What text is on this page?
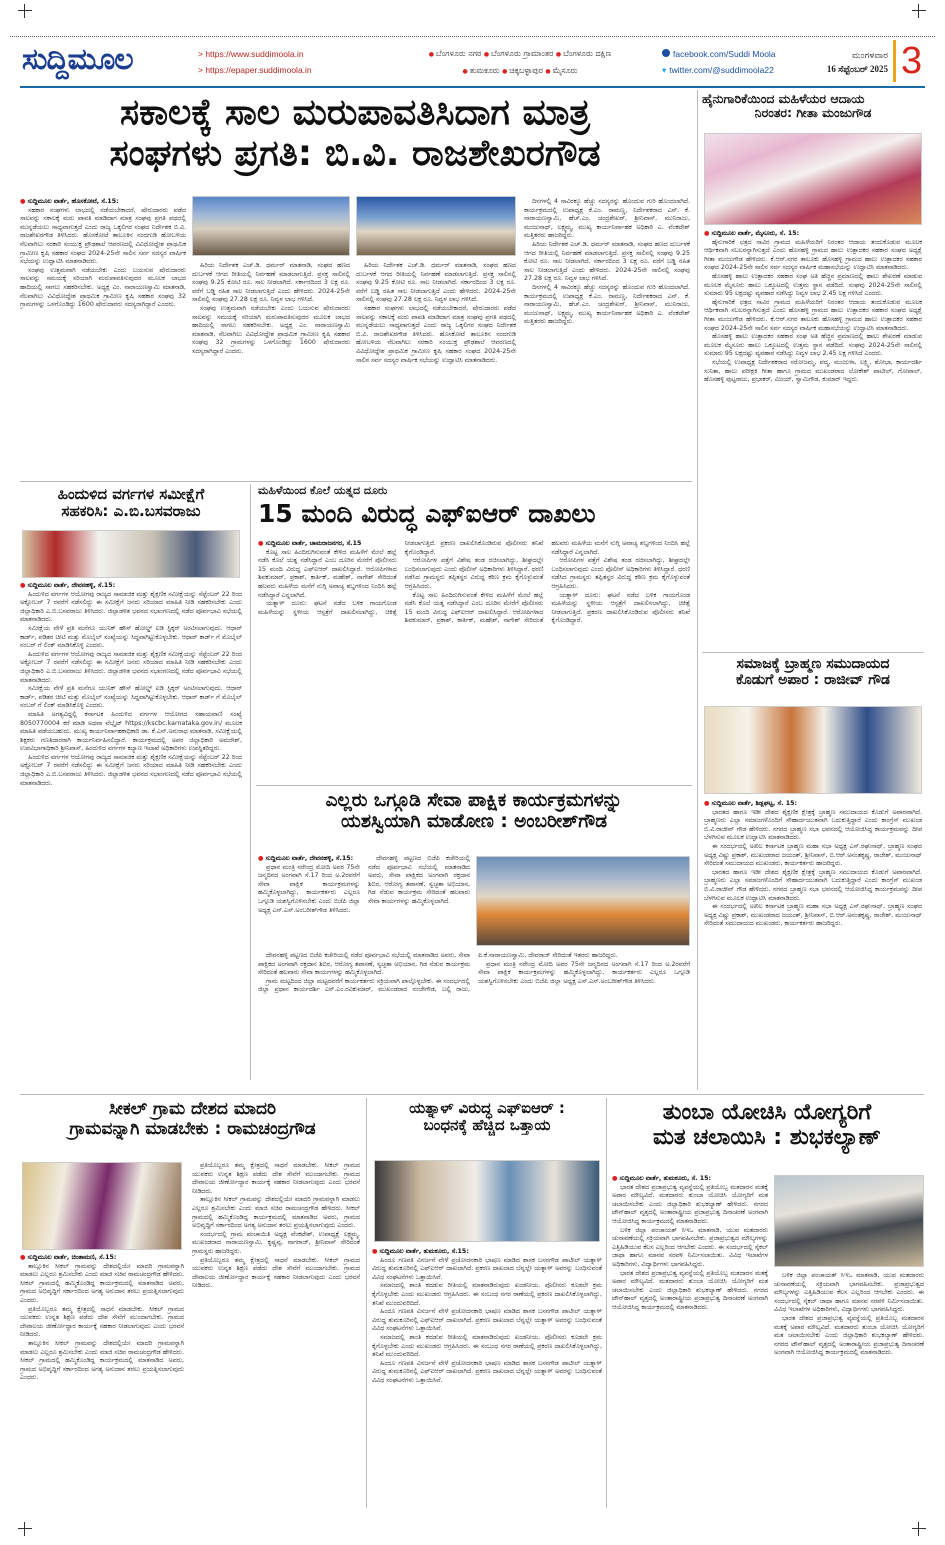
ಸುದ್ದಿಮೂಲ	> https://www.suddimoola.in
> https://epaper.suddimoola.in
● ಬೆಂಗಳೂರು ನಗರ ● ಬೆಂಗಳೂರು ಗ್ರಾಮಾಂತರ ● ಬೆಂಗಳೂರು ದಕ್ಷಿಣ
● ತುಮಕೂರು ● ಚಿಕ್ಕಬಳ್ಳಾಪುರ ● ಮೈಸೂರು
facebook.com/Suddi Moola
▾ twitter.com/@suddimoola22
ಮಂಗಳವಾರ
16 ಸೆಪ್ಟೆಂಬರ್ 2025 3
ಸಕಾಲಕ್ಕೆ ಸಾಲ ಮರುಪಾವತಿಸಿದಾಗ ಮಾತ್ರ
ಸಂಘಗಳು ಪ್ರಗತಿ: ಬಿ.ವಿ. ರಾಜಶೇಖರಗೌಡ
● ಸುದ್ದಿಮೂಲ ವಾರ್ತೆ, ಹೊಸಕೋಟೆ, ಸೆ.15:

ಸಹಕಾರ ಸಂಘಗಳು ಲಾಭದಲ್ಲಿ ನಡೆಯಬೇಕಾದರೆ, ಷೇರುದಾರರು ಪಡೆದ ಸಾಲವನ್ನು ಸಕಾಲಕ್ಕೆ ಮರು ಪಾವತಿ ಮಾಡಿದಾಗ ಮಾತ್ರ ಸಂಘವು ಪ್ರಗತಿ ಪಥದಲ್ಲಿ ಮುನ್ನಡೆಯಲು ಸಾಧ್ಯವಾಗುತ್ತದೆ ಎಂದು ರಾಜ್ಯ ಒಕ್ಕಲಿಗರ ಸಂಘದ ನಿರ್ದೇಶಕ ಬಿ.ವಿ. ರಾಜಶೇಖರಗೌಡ ತಿಳಿಸಿದರು. ಹೊಸಕೋಟೆ ತಾಲೂಕಿನ ನಂದಗುಡಿ ಹೋಬಳಿಯ ನೆಲವಾಗಿಲು ಸರಕಾರಿ ಸಂಯುಕ್ತ ಪ್ರೌಢಶಾಲೆ ಆವರಣದಲ್ಲಿ ವಿವಿಧೋದ್ದೇಶ ಪ್ರಾಥಮಿಕ ಗ್ರಾಮೀಣ ಕೃಷಿ ಸಹಕಾರ ಸಂಘದ 2024-25ನೇ ಸಾಲಿನ ಸರ್ವ ಸದಸ್ಯರ ವಾರ್ಷಿಕ ಸಭೆಯನ್ನು ಉದ್ಘಾಟಿಸಿ ಮಾತನಾಡಿದರು.

ಸಂಘವು ಉತ್ತಮವಾಗಿ ನಡೆಯಬೇಕು ಎಂದು ಬಯಸುವ ಷೇರುದಾರರು ಸಾಲವನ್ನು ಸಮಯಕ್ಕೆ ಸರಿಯಾಗಿ ಮರುಪಾವತಿಸುವುದರ ಮೂಲಕ ಲಾಭದ ಹಾದಿಯಲ್ಲಿ ಸಾಗಲು ಸಹಕರಿಸಬೇಕು. ಅಧ್ಯಕ್ಷ ಎಂ. ನಾರಾಯಣಸ್ವಾಮಿ ಮಾತನಾಡಿ, ನೆಲವಾಗಿಲು ವಿವಿಧೋದ್ದೇಶ ಪ್ರಾಥಮಿಕ ಗ್ರಾಮೀಣ ಕೃಷಿ ಸಹಕಾರ ಸಂಘವು 32 ಗ್ರಾಮಗಳನ್ನು ಒಳಗೊಂಡಿದ್ದು 1600 ಷೇರುದಾರರು ಸದಸ್ಯರಾಗಿದ್ದಾರೆ ಎಂದರು.

ಹಿರಿಯ ನಿರ್ದೇಶಕ ಎಚ್.ಡಿ. ಧರ್ಮರ್ ಮಾತನಾಡಿ, ಸಂಘದ ಹಣದ ದುರ್ಬಳಕೆ ಆಗದ ರೀತಿಯಲ್ಲಿ ನಿರ್ವಹಣೆ ಮಾಡಲಾಗುತ್ತಿದೆ. ಪ್ರಸಕ್ತ ಸಾಲಿನಲ್ಲಿ ಸಂಘವು 9.25 ಕೋಟಿ ರೂ. ಸಾಲ ನೀಡಲಾಗಿದೆ. ಸರ್ಕಾರದಿಂದ 3 ಲಕ್ಷ ರೂ. ವರೆಗೆ ಬಡ್ಡಿ ರಹಿತ ಸಾಲ ನೀಡಲಾಗುತ್ತಿದೆ ಎಂದು ಹೇಳಿದರು. 2024-25ನೇ ಸಾಲಿನಲ್ಲಿ ಸಂಘವು 27.28 ಲಕ್ಷ ರೂ. ನಿವ್ವಳ ಲಾಭ ಗಳಿಸಿದೆ.

ಸಂಘವು ಉತ್ತಮವಾಗಿ ನಡೆಯಬೇಕು ಎಂದು ಬಯಸುವ ಷೇರುದಾರರು ಸಾಲವನ್ನು ಸಮಯಕ್ಕೆ ಸರಿಯಾಗಿ ಮರುಪಾವತಿಸುವುದರ ಮೂಲಕ ಲಾಭದ ಹಾದಿಯಲ್ಲಿ ಸಾಗಲು ಸಹಕರಿಸಬೇಕು. ಅಧ್ಯಕ್ಷ ಎಂ. ನಾರಾಯಣಸ್ವಾಮಿ ಮಾತನಾಡಿ, ನೆಲವಾಗಿಲು ವಿವಿಧೋದ್ದೇಶ ಪ್ರಾಥಮಿಕ ಗ್ರಾಮೀಣ ಕೃಷಿ ಸಹಕಾರ ಸಂಘವು 32 ಗ್ರಾಮಗಳನ್ನು ಒಳಗೊಂಡಿದ್ದು 1600 ಷೇರುದಾರರು ಸದಸ್ಯರಾಗಿದ್ದಾರೆ ಎಂದರು.

ಹಿರಿಯ ನಿರ್ದೇಶಕ ಎಚ್.ಡಿ. ಧರ್ಮರ್ ಮಾತನಾಡಿ, ಸಂಘದ ಹಣದ ದುರ್ಬಳಕೆ ಆಗದ ರೀತಿಯಲ್ಲಿ ನಿರ್ವಹಣೆ ಮಾಡಲಾಗುತ್ತಿದೆ. ಪ್ರಸಕ್ತ ಸಾಲಿನಲ್ಲಿ ಸಂಘವು 9.25 ಕೋಟಿ ರೂ. ಸಾಲ ನೀಡಲಾಗಿದೆ. ಸರ್ಕಾರದಿಂದ 3 ಲಕ್ಷ ರೂ. ವರೆಗೆ ಬಡ್ಡಿ ರಹಿತ ಸಾಲ ನೀಡಲಾಗುತ್ತಿದೆ ಎಂದು ಹೇಳಿದರು. 2024-25ನೇ ಸಾಲಿನಲ್ಲಿ ಸಂಘವು 27.28 ಲಕ್ಷ ರೂ. ನಿವ್ವಳ ಲಾಭ ಗಳಿಸಿದೆ.

ಸಹಕಾರ ಸಂಘಗಳು ಲಾಭದಲ್ಲಿ ನಡೆಯಬೇಕಾದರೆ, ಷೇರುದಾರರು ಪಡೆದ ಸಾಲವನ್ನು ಸಕಾಲಕ್ಕೆ ಮರು ಪಾವತಿ ಮಾಡಿದಾಗ ಮಾತ್ರ ಸಂಘವು ಪ್ರಗತಿ ಪಥದಲ್ಲಿ ಮುನ್ನಡೆಯಲು ಸಾಧ್ಯವಾಗುತ್ತದೆ ಎಂದು ರಾಜ್ಯ ಒಕ್ಕಲಿಗರ ಸಂಘದ ನಿರ್ದೇಶಕ ಬಿ.ವಿ. ರಾಜಶೇಖರಗೌಡ ತಿಳಿಸಿದರು. ಹೊಸಕೋಟೆ ತಾಲೂಕಿನ ನಂದಗುಡಿ ಹೋಬಳಿಯ ನೆಲವಾಗಿಲು ಸರಕಾರಿ ಸಂಯುಕ್ತ ಪ್ರೌಢಶಾಲೆ ಆವರಣದಲ್ಲಿ ವಿವಿಧೋದ್ದೇಶ ಪ್ರಾಥಮಿಕ ಗ್ರಾಮೀಣ ಕೃಷಿ ಸಹಕಾರ ಸಂಘದ 2024-25ನೇ ಸಾಲಿನ ಸರ್ವ ಸದಸ್ಯರ ವಾರ್ಷಿಕ ಸಭೆಯನ್ನು ಉದ್ಘಾಟಿಸಿ ಮಾತನಾಡಿದರು.

ದಿನಗಳಲ್ಲಿ 4 ಸಾವಿರಕ್ಕೂ ಹೆಚ್ಚು ಸದಸ್ಯರನ್ನು ಹೊಂದುವ ಗುರಿ ಹೊಂದಲಾಗಿದೆ. ಕಾರ್ಯಕ್ರಮದಲ್ಲಿ ಉಪಾಧ್ಯಕ್ಷ ಕೆ.ಎಂ. ರಾಮಣ್ಣ, ನಿರ್ದೇಶಕರಾದ ಎನ್. ಕೆ. ನಾರಾಯಣಸ್ವಾಮಿ, ಹೆಚ್.ಎಂ. ಚಂದ್ರಶೇಖರ್, ಶ್ರೀನಿವಾಸ್, ಮುನಿರಾಜು, ಮಂಜುನಾಥ್, ಲಕ್ಷ್ಮಮ್ಮ, ಮುಖ್ಯ ಕಾರ್ಯನಿರ್ವಾಹಕ ಅಧಿಕಾರಿ ಎ. ವೆಂಕಟೇಶ್ ಮತ್ತಿತರರು ಹಾಜರಿದ್ದರು.

ಹಿರಿಯ ನಿರ್ದೇಶಕ ಎಚ್.ಡಿ. ಧರ್ಮರ್ ಮಾತನಾಡಿ, ಸಂಘದ ಹಣದ ದುರ್ಬಳಕೆ ಆಗದ ರೀತಿಯಲ್ಲಿ ನಿರ್ವಹಣೆ ಮಾಡಲಾಗುತ್ತಿದೆ. ಪ್ರಸಕ್ತ ಸಾಲಿನಲ್ಲಿ ಸಂಘವು 9.25 ಕೋಟಿ ರೂ. ಸಾಲ ನೀಡಲಾಗಿದೆ. ಸರ್ಕಾರದಿಂದ 3 ಲಕ್ಷ ರೂ. ವರೆಗೆ ಬಡ್ಡಿ ರಹಿತ ಸಾಲ ನೀಡಲಾಗುತ್ತಿದೆ ಎಂದು ಹೇಳಿದರು. 2024-25ನೇ ಸಾಲಿನಲ್ಲಿ ಸಂಘವು 27.28 ಲಕ್ಷ ರೂ. ನಿವ್ವಳ ಲಾಭ ಗಳಿಸಿದೆ.

ದಿನಗಳಲ್ಲಿ 4 ಸಾವಿರಕ್ಕೂ ಹೆಚ್ಚು ಸದಸ್ಯರನ್ನು ಹೊಂದುವ ಗುರಿ ಹೊಂದಲಾಗಿದೆ. ಕಾರ್ಯಕ್ರಮದಲ್ಲಿ ಉಪಾಧ್ಯಕ್ಷ ಕೆ.ಎಂ. ರಾಮಣ್ಣ, ನಿರ್ದೇಶಕರಾದ ಎನ್. ಕೆ. ನಾರಾಯಣಸ್ವಾಮಿ, ಹೆಚ್.ಎಂ. ಚಂದ್ರಶೇಖರ್, ಶ್ರೀನಿವಾಸ್, ಮುನಿರಾಜು, ಮಂಜುನಾಥ್, ಲಕ್ಷ್ಮಮ್ಮ, ಮುಖ್ಯ ಕಾರ್ಯನಿರ್ವಾಹಕ ಅಧಿಕಾರಿ ಎ. ವೆಂಕಟೇಶ್ ಮತ್ತಿತರರು ಹಾಜರಿದ್ದರು.

ಹೈನುಗಾರಿಕೆಯಿಂದ ಮಹಿಳೆಯರ ಆದಾಯ
ನಿರಂತರ: ಗೀತಾ ಮಂಜುಗೌಡ
● ಸುದ್ದಿಮೂಲ ವಾರ್ತೆ, ಮೈಸೂರು, ಸೆ. 15:

ಹೈನುಗಾರಿಕೆ ಛತ್ರದ ಸಾವಿರ ಗ್ರಾಮದ ಮಹಿಳೆಯರಿಗೆ ನಿರಂತರ ಆದಾಯ ತಂದುಕೊಡುವ ಮೂಲಕ ಆರ್ಥಿಕವಾಗಿ ಸಬಲರನ್ನಾಗಿಸುತ್ತದೆ ಎಂದು ಹೊಸಹಳ್ಳಿ ಗ್ರಾಮದ ಹಾಲು ಉತ್ಪಾದಕರ ಸಹಕಾರ ಸಂಘದ ಅಧ್ಯಕ್ಷೆ ಗೀತಾ ಮಂಜುಗೌಡ ಹೇಳಿದರು. ಕೆ.ಆರ್.ನಗರ ತಾಲೂಕು ಹೊಸಹಳ್ಳಿ ಗ್ರಾಮದ ಹಾಲು ಉತ್ಪಾದಕರ ಸಹಕಾರ ಸಂಘದ 2024-25ನೇ ಸಾಲಿನ ಸರ್ವ ಸದಸ್ಯರ ವಾರ್ಷಿಕ ಮಹಾಸಭೆಯನ್ನು ಉದ್ಘಾಟಿಸಿ ಮಾತನಾಡಿದರು.

ಹೊಸಹಳ್ಳಿ ಹಾಲು ಉತ್ಪಾದಕರ ಸಹಕಾರ ಸಂಘ ಅತಿ ಹೆಚ್ಚಿನ ಪ್ರಮಾಣದಲ್ಲಿ ಹಾಲು ಶೇಖರಣೆ ಮಾಡುವ ಮೂಲಕ ಮೈಸೂರು ಹಾಲು ಒಕ್ಕೂಟದಲ್ಲಿ ಉತ್ತಮ ಸ್ಥಾನ ಪಡೆದಿದೆ. ಸಂಘವು 2024-25ನೇ ಸಾಲಿನಲ್ಲಿ ಸುಮಾರು 95 ಲಕ್ಷದಷ್ಟು ವ್ಯವಹಾರ ನಡೆಸಿದ್ದು ನಿವ್ವಳ ಲಾಭ 2.45 ಲಕ್ಷ ಗಳಿಸಿದೆ ಎಂದರು.

ಹೈನುಗಾರಿಕೆ ಛತ್ರದ ಸಾವಿರ ಗ್ರಾಮದ ಮಹಿಳೆಯರಿಗೆ ನಿರಂತರ ಆದಾಯ ತಂದುಕೊಡುವ ಮೂಲಕ ಆರ್ಥಿಕವಾಗಿ ಸಬಲರನ್ನಾಗಿಸುತ್ತದೆ ಎಂದು ಹೊಸಹಳ್ಳಿ ಗ್ರಾಮದ ಹಾಲು ಉತ್ಪಾದಕರ ಸಹಕಾರ ಸಂಘದ ಅಧ್ಯಕ್ಷೆ ಗೀತಾ ಮಂಜುಗೌಡ ಹೇಳಿದರು. ಕೆ.ಆರ್.ನಗರ ತಾಲೂಕು ಹೊಸಹಳ್ಳಿ ಗ್ರಾಮದ ಹಾಲು ಉತ್ಪಾದಕರ ಸಹಕಾರ ಸಂಘದ 2024-25ನೇ ಸಾಲಿನ ಸರ್ವ ಸದಸ್ಯರ ವಾರ್ಷಿಕ ಮಹಾಸಭೆಯನ್ನು ಉದ್ಘಾಟಿಸಿ ಮಾತನಾಡಿದರು.

ಹೊಸಹಳ್ಳಿ ಹಾಲು ಉತ್ಪಾದಕರ ಸಹಕಾರ ಸಂಘ ಅತಿ ಹೆಚ್ಚಿನ ಪ್ರಮಾಣದಲ್ಲಿ ಹಾಲು ಶೇಖರಣೆ ಮಾಡುವ ಮೂಲಕ ಮೈಸೂರು ಹಾಲು ಒಕ್ಕೂಟದಲ್ಲಿ ಉತ್ತಮ ಸ್ಥಾನ ಪಡೆದಿದೆ. ಸಂಘವು 2024-25ನೇ ಸಾಲಿನಲ್ಲಿ ಸುಮಾರು 95 ಲಕ್ಷದಷ್ಟು ವ್ಯವಹಾರ ನಡೆಸಿದ್ದು ನಿವ್ವಳ ಲಾಭ 2.45 ಲಕ್ಷ ಗಳಿಸಿದೆ ಎಂದರು.

ಸಭೆಯಲ್ಲಿ ಉಪಾಧ್ಯಕ್ಷ ನಿರ್ದೇಶಕರಾದ ಸರೋಜಮ್ಮ, ಪದ್ಮ, ಮಂಜುಳಾ, ಲಕ್ಷ್ಮಿ, ಶೋಭಾ, ಕಾರ್ಯದರ್ಶಿ ಸುನಿತಾ, ಹಾಲು ಪರೀಕ್ಷಕಿ ಗೀತಾ ಹಾಗೂ ಗ್ರಾಮದ ಮುಖಂಡರಾದ ಲೋಕೇಶ್ ಪಾಟೀಲ್, ಗೋಪಾಲ್, ಹೊಸಹಳ್ಳಿ ಪುಟ್ಟರಾಜು, ಪ್ರಭಾಕರ್, ವಿಜಯ್, ಸ್ವಾಮಿಗೌಡ, ಕುಮಾರ್ ಇದ್ದರು.

ಸಮಾಜಕ್ಕೆ ಬ್ರಾಹ್ಮಣ ಸಮುದಾಯದ
ಕೊಡುಗೆ ಅಪಾರ : ರಾಜೀವ್ ಗೌಡ
● ಸುದ್ದಿಮೂಲ ವಾರ್ತೆ, ಶಿಡ್ಲಘಟ್ಟ, ಸೆ. 15:

ಭಾರತದ ಹಾಗೂ ಇಡೀ ದೇಶದ ಶೈಕ್ಷಣಿಕ ಕ್ಷೇತ್ರಕ್ಕೆ ಬ್ರಾಹ್ಮಣ ಸಮುದಾಯದ ಕೊಡುಗೆ ಅಪಾರವಾಗಿದೆ. ಬ್ರಾಹ್ಮಣರು ಎಲ್ಲಾ ಸಮಾಜಗಳೊಂದಿಗೆ ಸೌಹಾರ್ದಯುತವಾಗಿ ಬದುಕುತ್ತಿದ್ದಾರೆ ಎಂದು ಕಾಂಗ್ರೆಸ್ ಮುಖಂಡ ಬಿ.ವಿ.ರಾಜೀವ್ ಗೌಡ ಹೇಳಿದರು. ನಗರದ ಬ್ರಾಹ್ಮಣ ಸಭಾ ಭವನದಲ್ಲಿ ಆಯೋಜಿಸಿದ್ದ ಕಾರ್ಯಕ್ರಮವನ್ನು ದೀಪ ಬೆಳಗಿಸುವ ಮೂಲಕ ಉದ್ಘಾಟಿಸಿ ಮಾತನಾಡಿದರು.

ಈ ಸಂದರ್ಭದಲ್ಲಿ ಅಖಿಲ ಕರ್ನಾಟಕ ಬ್ರಾಹ್ಮಣ ಮಹಾ ಸಭಾ ಅಧ್ಯಕ್ಷ ಎಸ್.ರಘುನಾಥ್, ಬ್ರಾಹ್ಮಣ ಸಂಘದ ಅಧ್ಯಕ್ಷ ವಿಷ್ಣು ಪ್ರಕಾಶ್, ಮುಖಂಡರಾದ ಜಯಂತ್, ಶ್ರೀನಿವಾಸ್, ಬಿ.ಆರ್.ಅನಂತಕೃಷ್ಣ, ರಾಜೇಶ್, ಮಂಜುನಾಥ್ ಸೇರಿದಂತೆ ಸಮುದಾಯದ ಮುಖಂಡರು, ಕಾರ್ಯಕರ್ತರು ಹಾಜರಿದ್ದರು.

ಭಾರತದ ಹಾಗೂ ಇಡೀ ದೇಶದ ಶೈಕ್ಷಣಿಕ ಕ್ಷೇತ್ರಕ್ಕೆ ಬ್ರಾಹ್ಮಣ ಸಮುದಾಯದ ಕೊಡುಗೆ ಅಪಾರವಾಗಿದೆ. ಬ್ರಾಹ್ಮಣರು ಎಲ್ಲಾ ಸಮಾಜಗಳೊಂದಿಗೆ ಸೌಹಾರ್ದಯುತವಾಗಿ ಬದುಕುತ್ತಿದ್ದಾರೆ ಎಂದು ಕಾಂಗ್ರೆಸ್ ಮುಖಂಡ ಬಿ.ವಿ.ರಾಜೀವ್ ಗೌಡ ಹೇಳಿದರು. ನಗರದ ಬ್ರಾಹ್ಮಣ ಸಭಾ ಭವನದಲ್ಲಿ ಆಯೋಜಿಸಿದ್ದ ಕಾರ್ಯಕ್ರಮವನ್ನು ದೀಪ ಬೆಳಗಿಸುವ ಮೂಲಕ ಉದ್ಘಾಟಿಸಿ ಮಾತನಾಡಿದರು.

ಈ ಸಂದರ್ಭದಲ್ಲಿ ಅಖಿಲ ಕರ್ನಾಟಕ ಬ್ರಾಹ್ಮಣ ಮಹಾ ಸಭಾ ಅಧ್ಯಕ್ಷ ಎಸ್.ರಘುನಾಥ್, ಬ್ರಾಹ್ಮಣ ಸಂಘದ ಅಧ್ಯಕ್ಷ ವಿಷ್ಣು ಪ್ರಕಾಶ್, ಮುಖಂಡರಾದ ಜಯಂತ್, ಶ್ರೀನಿವಾಸ್, ಬಿ.ಆರ್.ಅನಂತಕೃಷ್ಣ, ರಾಜೇಶ್, ಮಂಜುನಾಥ್ ಸೇರಿದಂತೆ ಸಮುದಾಯದ ಮುಖಂಡರು, ಕಾರ್ಯಕರ್ತರು ಹಾಜರಿದ್ದರು.

ಹಿಂದುಳಿದ ವರ್ಗಗಳ ಸಮೀಕ್ಷೆಗೆ
ಸಹಕರಿಸಿ: ಎ.ಬಿ.ಬಸವರಾಜು
● ಸುದ್ದಿಮೂಲ ವಾರ್ತೆ, ದೇವನಹಳ್ಳಿ, ಸೆ.15:

ಹಿಂದುಳಿದ ವರ್ಗಗಳ ಆಯೋಗವು ರಾಜ್ಯದ ಸಾಮಾಜಿಕ ಮತ್ತು ಶೈಕ್ಷಣಿಕ ಸಮೀಕ್ಷೆಯನ್ನು ಸೆಪ್ಟೆಂಬರ್ 22 ರಿಂದ ಅಕ್ಟೋಬರ್ 7 ರವರೆಗೆ ನಡೆಸಲಿದ್ದು ಈ ಸಮೀಕ್ಷೆಗೆ ಜನರು ಸರಿಯಾದ ಮಾಹಿತಿ ನೀಡಿ ಸಹಕರಿಸಬೇಕು ಎಂದು ಜಿಲ್ಲಾಧಿಕಾರಿ ಎ.ಬಿ.ಬಸವರಾಜು ತಿಳಿಸಿದರು. ಜಿಲ್ಲಾಡಳಿತ ಭವನದ ಸಭಾಂಗಣದಲ್ಲಿ ನಡೆದ ಪೂರ್ವಭಾವಿ ಸಭೆಯಲ್ಲಿ ಮಾತನಾಡಿದರು.

ಸಮೀಕ್ಷೆಯ ವೇಳೆ ಪ್ರತಿ ಮನೆಗೂ ಯುನಿಕ್ ಹೌಸ್ ಹೋಲ್ಡ್ ಐಡಿ ಸ್ಟಿಕ್ಕರ್ ಅಂಟಿಸಲಾಗುವುದು. ಆಧಾರ್ ಕಾರ್ಡ್, ಪಡಿತರ ಚೀಟಿ ಮತ್ತು ಮೊಬೈಲ್ ಸಂಖ್ಯೆಯನ್ನು ಸಿದ್ಧವಾಗಿಟ್ಟುಕೊಳ್ಳಬೇಕು. ಆಧಾರ್ ಕಾರ್ಡ್ ಗೆ ಮೊಬೈಲ್ ನಂಬರ್ ಗೆ ಲಿಂಕ್ ಮಾಡಿಸಿಕೊಳ್ಳಿ ಎಂದರು.

ಹಿಂದುಳಿದ ವರ್ಗಗಳ ಆಯೋಗವು ರಾಜ್ಯದ ಸಾಮಾಜಿಕ ಮತ್ತು ಶೈಕ್ಷಣಿಕ ಸಮೀಕ್ಷೆಯನ್ನು ಸೆಪ್ಟೆಂಬರ್ 22 ರಿಂದ ಅಕ್ಟೋಬರ್ 7 ರವರೆಗೆ ನಡೆಸಲಿದ್ದು ಈ ಸಮೀಕ್ಷೆಗೆ ಜನರು ಸರಿಯಾದ ಮಾಹಿತಿ ನೀಡಿ ಸಹಕರಿಸಬೇಕು ಎಂದು ಜಿಲ್ಲಾಧಿಕಾರಿ ಎ.ಬಿ.ಬಸವರಾಜು ತಿಳಿಸಿದರು. ಜಿಲ್ಲಾಡಳಿತ ಭವನದ ಸಭಾಂಗಣದಲ್ಲಿ ನಡೆದ ಪೂರ್ವಭಾವಿ ಸಭೆಯಲ್ಲಿ ಮಾತನಾಡಿದರು.

ಸಮೀಕ್ಷೆಯ ವೇಳೆ ಪ್ರತಿ ಮನೆಗೂ ಯುನಿಕ್ ಹೌಸ್ ಹೋಲ್ಡ್ ಐಡಿ ಸ್ಟಿಕ್ಕರ್ ಅಂಟಿಸಲಾಗುವುದು. ಆಧಾರ್ ಕಾರ್ಡ್, ಪಡಿತರ ಚೀಟಿ ಮತ್ತು ಮೊಬೈಲ್ ಸಂಖ್ಯೆಯನ್ನು ಸಿದ್ಧವಾಗಿಟ್ಟುಕೊಳ್ಳಬೇಕು. ಆಧಾರ್ ಕಾರ್ಡ್ ಗೆ ಮೊಬೈಲ್ ನಂಬರ್ ಗೆ ಲಿಂಕ್ ಮಾಡಿಸಿಕೊಳ್ಳಿ ಎಂದರು.

ಮಾಹಿತಿ ಅಗತ್ಯವಿದ್ದಲ್ಲಿ ಕರ್ನಾಟಕ ಹಿಂದುಳಿದ ವರ್ಗಗಳ ಆಯೋಗದ ಸಹಾಯವಾಣಿ ಸಂಖ್ಯೆ 8050770004 ಕರೆ ಮಾಡಿ ಅಥವಾ ವೆಬ್ಸೈಟ್ https://kscbc.karnataka.gov.in/ ಮೂಲಕ ಮಾಹಿತಿ ಪಡೆಯಬಹುದು. ಮುಖ್ಯ ಕಾರ್ಯನಿರ್ವಾಹಕಾಧಿಕಾರಿ ಡಾ. ಕೆ.ಎನ್.ಅನುರಾಧ ಮಾತನಾಡಿ, ಸಮೀಕ್ಷೆಯಲ್ಲಿ ಶಿಕ್ಷಕರು ಗಣತಿದಾರರಾಗಿ ಕಾರ್ಯನಿರ್ವಹಿಸಲಿದ್ದಾರೆ. ಕಾರ್ಯಕ್ರಮದಲ್ಲಿ ಅಪರ ಜಿಲ್ಲಾಧಿಕಾರಿ ಅಮರೇಶ್, ಉಪವಿಭಾಗಾಧಿಕಾರಿ ಶ್ರೀನಿವಾಸ್, ಹಿಂದುಳಿದ ವರ್ಗಗಳ ಕಲ್ಯಾಣ ಇಲಾಖೆ ಅಧಿಕಾರಿಗಳು ಉಪಸ್ಥಿತರಿದ್ದರು.

ಹಿಂದುಳಿದ ವರ್ಗಗಳ ಆಯೋಗವು ರಾಜ್ಯದ ಸಾಮಾಜಿಕ ಮತ್ತು ಶೈಕ್ಷಣಿಕ ಸಮೀಕ್ಷೆಯನ್ನು ಸೆಪ್ಟೆಂಬರ್ 22 ರಿಂದ ಅಕ್ಟೋಬರ್ 7 ರವರೆಗೆ ನಡೆಸಲಿದ್ದು ಈ ಸಮೀಕ್ಷೆಗೆ ಜನರು ಸರಿಯಾದ ಮಾಹಿತಿ ನೀಡಿ ಸಹಕರಿಸಬೇಕು ಎಂದು ಜಿಲ್ಲಾಧಿಕಾರಿ ಎ.ಬಿ.ಬಸವರಾಜು ತಿಳಿಸಿದರು. ಜಿಲ್ಲಾಡಳಿತ ಭವನದ ಸಭಾಂಗಣದಲ್ಲಿ ನಡೆದ ಪೂರ್ವಭಾವಿ ಸಭೆಯಲ್ಲಿ ಮಾತನಾಡಿದರು.

ಮಹಿಳೆಯಿಂದ ಕೊಲೆ ಯತ್ನದ ದೂರು
15 ಮಂದಿ ವಿರುದ್ಧ ಎಫ್‌ಐಆರ್ ದಾಖಲು
● ಸುದ್ದಿಮೂಲ ವಾರ್ತೆ, ಚಾಮರಾಜನಗರ, ಸೆ.15

ಕೊಟ್ಟ ಸಾಲ ಹಿಂದಿರುಗಿಸುವಂತೆ ಕೇಳಿದ ಮಹಿಳೆಗೆ ಮೇಲೆ ಹಲ್ಲೆ ನಡೆಸಿ ಕೊಲೆ ಯತ್ನ ನಡೆಸಿದ್ದಾರೆ ಎಂಬ ದೂರಿನ ಮೇರೆಗೆ ಪೊಲೀಸರು 15 ಮಂದಿ ವಿರುದ್ಧ ಎಫ್‌ಐಆರ್ ದಾಖಲಿಸಿದ್ದಾರೆ. ಆರೋಪಿಗಳಾದ ಶಿವಕುಮಾರ್, ಪ್ರಕಾಶ್, ಕಾರ್ತಿಕ್, ಮಹೇಶ್, ನಾಗೇಶ್ ಸೇರಿದಂತೆ ಹಲವರು ಮಹಿಳೆಯ ಮನೆಗೆ ನುಗ್ಗಿ ಅವಾಚ್ಯ ಶಬ್ದಗಳಿಂದ ನಿಂದಿಸಿ ಹಲ್ಲೆ ನಡೆಸಿದ್ದಾರೆ ಎನ್ನಲಾಗಿದೆ.

ಯತ್ನಾಳ್ ದೂರು: ಘಟನೆ ನಡೆದ ಬಳಿಕ ಗಾಯಗೊಂಡ ಮಹಿಳೆಯನ್ನು ಸ್ಥಳೀಯ ಆಸ್ಪತ್ರೆಗೆ ದಾಖಲಿಸಲಾಗಿದ್ದು, ಚಿಕಿತ್ಸೆ ನೀಡಲಾಗುತ್ತಿದೆ. ಪ್ರಕರಣ ದಾಖಲಿಸಿಕೊಂಡಿರುವ ಪೊಲೀಸರು ತನಿಖೆ ಕೈಗೊಂಡಿದ್ದಾರೆ.

ಆರೋಪಿಗಳ ಪತ್ತೆಗೆ ವಿಶೇಷ ತಂಡ ರಚಿಸಲಾಗಿದ್ದು, ಶೀಘ್ರದಲ್ಲೇ ಬಂಧಿಸಲಾಗುವುದು ಎಂದು ಪೊಲೀಸ್ ಅಧಿಕಾರಿಗಳು ತಿಳಿಸಿದ್ದಾರೆ. ಧರಣಿ ನಡೆಸಿದ ಗ್ರಾಮಸ್ಥರು ತಪ್ಪಿತಸ್ಥರ ವಿರುದ್ಧ ಕಠಿಣ ಕ್ರಮ ಕೈಗೊಳ್ಳುವಂತೆ ಆಗ್ರಹಿಸಿದರು.

ಕೊಟ್ಟ ಸಾಲ ಹಿಂದಿರುಗಿಸುವಂತೆ ಕೇಳಿದ ಮಹಿಳೆಗೆ ಮೇಲೆ ಹಲ್ಲೆ ನಡೆಸಿ ಕೊಲೆ ಯತ್ನ ನಡೆಸಿದ್ದಾರೆ ಎಂಬ ದೂರಿನ ಮೇರೆಗೆ ಪೊಲೀಸರು 15 ಮಂದಿ ವಿರುದ್ಧ ಎಫ್‌ಐಆರ್ ದಾಖಲಿಸಿದ್ದಾರೆ. ಆರೋಪಿಗಳಾದ ಶಿವಕುಮಾರ್, ಪ್ರಕಾಶ್, ಕಾರ್ತಿಕ್, ಮಹೇಶ್, ನಾಗೇಶ್ ಸೇರಿದಂತೆ ಹಲವರು ಮಹಿಳೆಯ ಮನೆಗೆ ನುಗ್ಗಿ ಅವಾಚ್ಯ ಶಬ್ದಗಳಿಂದ ನಿಂದಿಸಿ ಹಲ್ಲೆ ನಡೆಸಿದ್ದಾರೆ ಎನ್ನಲಾಗಿದೆ.

ಆರೋಪಿಗಳ ಪತ್ತೆಗೆ ವಿಶೇಷ ತಂಡ ರಚಿಸಲಾಗಿದ್ದು, ಶೀಘ್ರದಲ್ಲೇ ಬಂಧಿಸಲಾಗುವುದು ಎಂದು ಪೊಲೀಸ್ ಅಧಿಕಾರಿಗಳು ತಿಳಿಸಿದ್ದಾರೆ. ಧರಣಿ ನಡೆಸಿದ ಗ್ರಾಮಸ್ಥರು ತಪ್ಪಿತಸ್ಥರ ವಿರುದ್ಧ ಕಠಿಣ ಕ್ರಮ ಕೈಗೊಳ್ಳುವಂತೆ ಆಗ್ರಹಿಸಿದರು.

ಯತ್ನಾಳ್ ದೂರು: ಘಟನೆ ನಡೆದ ಬಳಿಕ ಗಾಯಗೊಂಡ ಮಹಿಳೆಯನ್ನು ಸ್ಥಳೀಯ ಆಸ್ಪತ್ರೆಗೆ ದಾಖಲಿಸಲಾಗಿದ್ದು, ಚಿಕಿತ್ಸೆ ನೀಡಲಾಗುತ್ತಿದೆ. ಪ್ರಕರಣ ದಾಖಲಿಸಿಕೊಂಡಿರುವ ಪೊಲೀಸರು ತನಿಖೆ ಕೈಗೊಂಡಿದ್ದಾರೆ.

ಎಲ್ಲರು ಒಗ್ಗೂಡಿ ಸೇವಾ ಪಾಕ್ಷಿಕ ಕಾರ್ಯಕ್ರಮಗಳನ್ನು
ಯಶಸ್ವಿಯಾಗಿ ಮಾಡೋಣ : ಅಂಬರೀಶ್‌ಗೌಡ
● ಸುದ್ದಿಮೂಲ ವಾರ್ತೆ, ದೇವನಹಳ್ಳಿ, ಸೆ.15:

ಪ್ರಧಾನ ಮಂತ್ರಿ ನರೇಂದ್ರ ಮೋದಿ ಅವರ 75ನೇ ಜನ್ಮದಿನದ ಅಂಗವಾಗಿ ಸೆ.17 ರಿಂದ ಅ.2ರವರೆಗೆ ಸೇವಾ ಪಾಕ್ಷಿಕ ಕಾರ್ಯಕ್ರಮಗಳನ್ನು ಹಮ್ಮಿಕೊಳ್ಳಲಾಗಿದ್ದು, ಕಾರ್ಯಕರ್ತರು ಎಲ್ಲರೂ ಒಗ್ಗೂಡಿ ಯಶಸ್ವಿಗೊಳಿಸಬೇಕು ಎಂದು ಬಿಜೆಪಿ ಜಿಲ್ಲಾ ಅಧ್ಯಕ್ಷ ಎಸ್.ಎಸ್.ಅಂಬರೀಶ್‌ಗೌಡ ತಿಳಿಸಿದರು.

ದೇವನಹಳ್ಳಿ ಪಟ್ಟಣದ ಬಿಜೆಪಿ ಕಚೇರಿಯಲ್ಲಿ ನಡೆದ ಪೂರ್ವಭಾವಿ ಸಭೆಯಲ್ಲಿ ಮಾತನಾಡಿದ ಅವರು, ಸೇವಾ ಪಾಕ್ಷಿಕದ ಅಂಗವಾಗಿ ರಕ್ತದಾನ ಶಿಬಿರ, ಆರೋಗ್ಯ ತಪಾಸಣೆ, ಸ್ವಚ್ಛತಾ ಅಭಿಯಾನ, ಗಿಡ ನೆಡುವ ಕಾರ್ಯಕ್ರಮ ಸೇರಿದಂತೆ ಹಲವಾರು ಸೇವಾ ಕಾರ್ಯಗಳನ್ನು ಹಮ್ಮಿಕೊಳ್ಳಲಾಗಿದೆ.

ದೇವನಹಳ್ಳಿ ಪಟ್ಟಣದ ಬಿಜೆಪಿ ಕಚೇರಿಯಲ್ಲಿ ನಡೆದ ಪೂರ್ವಭಾವಿ ಸಭೆಯಲ್ಲಿ ಮಾತನಾಡಿದ ಅವರು, ಸೇವಾ ಪಾಕ್ಷಿಕದ ಅಂಗವಾಗಿ ರಕ್ತದಾನ ಶಿಬಿರ, ಆರೋಗ್ಯ ತಪಾಸಣೆ, ಸ್ವಚ್ಛತಾ ಅಭಿಯಾನ, ಗಿಡ ನೆಡುವ ಕಾರ್ಯಕ್ರಮ ಸೇರಿದಂತೆ ಹಲವಾರು ಸೇವಾ ಕಾರ್ಯಗಳನ್ನು ಹಮ್ಮಿಕೊಳ್ಳಲಾಗಿದೆ.

ಗ್ರಾಮ ಮಟ್ಟದಿಂದ ಜಿಲ್ಲಾ ಮಟ್ಟದವರೆಗೆ ಕಾರ್ಯಕರ್ತರು ಸಕ್ರಿಯವಾಗಿ ಪಾಲ್ಗೊಳ್ಳಬೇಕು. ಈ ಸಂದರ್ಭದಲ್ಲಿ ಜಿಲ್ಲಾ ಪ್ರಧಾನ ಕಾರ್ಯದರ್ಶಿ ಎನ್.ಎಂ.ರವಿಕುಮಾರ್, ಮುಖಂಡರಾದ ನಂಜೇಗೌಡ, ಬಲ್ಲಿ ರಾಜು, ಪಿ.ಕೆ.ನಾರಾಯಣಸ್ವಾಮಿ, ದೇವರಾಜ್ ಸೇರಿದಂತೆ ಇತರರು ಹಾಜರಿದ್ದರು.

ಪ್ರಧಾನ ಮಂತ್ರಿ ನರೇಂದ್ರ ಮೋದಿ ಅವರ 75ನೇ ಜನ್ಮದಿನದ ಅಂಗವಾಗಿ ಸೆ.17 ರಿಂದ ಅ.2ರವರೆಗೆ ಸೇವಾ ಪಾಕ್ಷಿಕ ಕಾರ್ಯಕ್ರಮಗಳನ್ನು ಹಮ್ಮಿಕೊಳ್ಳಲಾಗಿದ್ದು, ಕಾರ್ಯಕರ್ತರು ಎಲ್ಲರೂ ಒಗ್ಗೂಡಿ ಯಶಸ್ವಿಗೊಳಿಸಬೇಕು ಎಂದು ಬಿಜೆಪಿ ಜಿಲ್ಲಾ ಅಧ್ಯಕ್ಷ ಎಸ್.ಎಸ್.ಅಂಬರೀಶ್‌ಗೌಡ ತಿಳಿಸಿದರು.

ಸೀಕಲ್ ಗ್ರಾಮ ದೇಶದ ಮಾದರಿ
ಗ್ರಾಮವನ್ನಾಗಿ ಮಾಡಬೇಕು : ರಾಮಚಂದ್ರಗೌಡ
● ಸುದ್ದಿಮೂಲ ವಾರ್ತೆ, ಚಿಂತಾಮಣಿ, ಸೆ.15:

ತಾಲ್ಲೂಕಿನ ಸೀಕಲ್ ಗ್ರಾಮವನ್ನು ದೇಶದಲ್ಲಿಯೇ ಮಾದರಿ ಗ್ರಾಮವನ್ನಾಗಿ ಮಾಡಲು ಎಲ್ಲರೂ ಶ್ರಮಿಸಬೇಕು ಎಂದು ಮಾಜಿ ಸಚಿವ ರಾಮಚಂದ್ರಗೌಡ ಹೇಳಿದರು. ಸೀಕಲ್ ಗ್ರಾಮದಲ್ಲಿ ಹಮ್ಮಿಕೊಂಡಿದ್ದ ಕಾರ್ಯಕ್ರಮದಲ್ಲಿ ಮಾತನಾಡಿದ ಅವರು, ಗ್ರಾಮದ ಅಭಿವೃದ್ಧಿಗೆ ಸರ್ಕಾರದಿಂದ ಅಗತ್ಯ ಅನುದಾನ ತರಲು ಪ್ರಯತ್ನಿಸಲಾಗುವುದು ಎಂದರು.

ಪ್ರತಿಯೊಬ್ಬರೂ ತಮ್ಮ ಕ್ಷೇತ್ರದಲ್ಲಿ ಸಾಧನೆ ಮಾಡಬೇಕು. ಸೀಕಲ್ ಗ್ರಾಮದ ಯುವಕರು ಉನ್ನತ ಶಿಕ್ಷಣ ಪಡೆದು ದೇಶ ಸೇವೆಗೆ ಮುಂದಾಗಬೇಕು. ಗ್ರಾಮದ ದೇವಾಲಯ ಜೀರ್ಣೋದ್ಧಾರ ಕಾರ್ಯಕ್ಕೆ ಸಹಕಾರ ನೀಡಲಾಗುವುದು ಎಂದು ಭರವಸೆ ನೀಡಿದರು.

ತಾಲ್ಲೂಕಿನ ಸೀಕಲ್ ಗ್ರಾಮವನ್ನು ದೇಶದಲ್ಲಿಯೇ ಮಾದರಿ ಗ್ರಾಮವನ್ನಾಗಿ ಮಾಡಲು ಎಲ್ಲರೂ ಶ್ರಮಿಸಬೇಕು ಎಂದು ಮಾಜಿ ಸಚಿವ ರಾಮಚಂದ್ರಗೌಡ ಹೇಳಿದರು. ಸೀಕಲ್ ಗ್ರಾಮದಲ್ಲಿ ಹಮ್ಮಿಕೊಂಡಿದ್ದ ಕಾರ್ಯಕ್ರಮದಲ್ಲಿ ಮಾತನಾಡಿದ ಅವರು, ಗ್ರಾಮದ ಅಭಿವೃದ್ಧಿಗೆ ಸರ್ಕಾರದಿಂದ ಅಗತ್ಯ ಅನುದಾನ ತರಲು ಪ್ರಯತ್ನಿಸಲಾಗುವುದು ಎಂದರು.

ಪ್ರತಿಯೊಬ್ಬರೂ ತಮ್ಮ ಕ್ಷೇತ್ರದಲ್ಲಿ ಸಾಧನೆ ಮಾಡಬೇಕು. ಸೀಕಲ್ ಗ್ರಾಮದ ಯುವಕರು ಉನ್ನತ ಶಿಕ್ಷಣ ಪಡೆದು ದೇಶ ಸೇವೆಗೆ ಮುಂದಾಗಬೇಕು. ಗ್ರಾಮದ ದೇವಾಲಯ ಜೀರ್ಣೋದ್ಧಾರ ಕಾರ್ಯಕ್ಕೆ ಸಹಕಾರ ನೀಡಲಾಗುವುದು ಎಂದು ಭರವಸೆ ನೀಡಿದರು.

ತಾಲ್ಲೂಕಿನ ಸೀಕಲ್ ಗ್ರಾಮವನ್ನು ದೇಶದಲ್ಲಿಯೇ ಮಾದರಿ ಗ್ರಾಮವನ್ನಾಗಿ ಮಾಡಲು ಎಲ್ಲರೂ ಶ್ರಮಿಸಬೇಕು ಎಂದು ಮಾಜಿ ಸಚಿವ ರಾಮಚಂದ್ರಗೌಡ ಹೇಳಿದರು. ಸೀಕಲ್ ಗ್ರಾಮದಲ್ಲಿ ಹಮ್ಮಿಕೊಂಡಿದ್ದ ಕಾರ್ಯಕ್ರಮದಲ್ಲಿ ಮಾತನಾಡಿದ ಅವರು, ಗ್ರಾಮದ ಅಭಿವೃದ್ಧಿಗೆ ಸರ್ಕಾರದಿಂದ ಅಗತ್ಯ ಅನುದಾನ ತರಲು ಪ್ರಯತ್ನಿಸಲಾಗುವುದು ಎಂದರು.

ಸಂದರ್ಭದಲ್ಲಿ ಗ್ರಾಮ ಪಂಚಾಯಿತಿ ಅಧ್ಯಕ್ಷ ವೆಂಕಟೇಶ್, ಉಪಾಧ್ಯಕ್ಷೆ ಲಕ್ಷ್ಮಮ್ಮ, ಮುಖಂಡರಾದ ನಾರಾಯಣಸ್ವಾಮಿ, ಕೃಷ್ಣಪ್ಪ, ನಾಗರಾಜ್, ಶ್ರೀನಿವಾಸ್ ಸೇರಿದಂತೆ ಗ್ರಾಮಸ್ಥರು ಹಾಜರಿದ್ದರು.

ಪ್ರತಿಯೊಬ್ಬರೂ ತಮ್ಮ ಕ್ಷೇತ್ರದಲ್ಲಿ ಸಾಧನೆ ಮಾಡಬೇಕು. ಸೀಕಲ್ ಗ್ರಾಮದ ಯುವಕರು ಉನ್ನತ ಶಿಕ್ಷಣ ಪಡೆದು ದೇಶ ಸೇವೆಗೆ ಮುಂದಾಗಬೇಕು. ಗ್ರಾಮದ ದೇವಾಲಯ ಜೀರ್ಣೋದ್ಧಾರ ಕಾರ್ಯಕ್ಕೆ ಸಹಕಾರ ನೀಡಲಾಗುವುದು ಎಂದು ಭರವಸೆ ನೀಡಿದರು.

ಯತ್ನಾಳ್ ವಿರುದ್ಧ ಎಫ್‌ಐಆರ್ :
ಬಂಧನಕ್ಕೆ ಹೆಚ್ಚಿದ ಒತ್ತಾಯ
● ಸುದ್ದಿಮೂಲ ವಾರ್ತೆ, ತುಮಕೂರು, ಸೆ.15:

ಹಿಂದೂ ಗಣಪತಿ ವಿಸರ್ಜನೆ ವೇಳೆ ಪ್ರಚೋದನಕಾರಿ ಭಾಷಣ ಮಾಡಿದ ಶಾಸಕ ಬಸನಗೌಡ ಪಾಟೀಲ್ ಯತ್ನಾಳ್ ವಿರುದ್ಧ ತುಮಕೂರಿನಲ್ಲಿ ಎಫ್‌ಐಆರ್ ದಾಖಲಾಗಿದೆ. ಪ್ರಕರಣ ದಾಖಲಾದ ಬೆನ್ನಲ್ಲೇ ಯತ್ನಾಳ್ ಅವರನ್ನು ಬಂಧಿಸುವಂತೆ ವಿವಿಧ ಸಂಘಟನೆಗಳು ಒತ್ತಾಯಿಸಿವೆ.

ಸಮಾಜದಲ್ಲಿ ಶಾಂತಿ ಕದಡುವ ರೀತಿಯಲ್ಲಿ ಮಾತನಾಡಿರುವುದು ಖಂಡನೀಯ. ಪೊಲೀಸರು ಕೂಡಲೇ ಕ್ರಮ ಕೈಗೊಳ್ಳಬೇಕು ಎಂದು ಮುಖಂಡರು ಆಗ್ರಹಿಸಿದರು. ಈ ಸಂಬಂಧ ನಗರ ಠಾಣೆಯಲ್ಲಿ ಪ್ರಕರಣ ದಾಖಲಿಸಿಕೊಳ್ಳಲಾಗಿದ್ದು, ತನಿಖೆ ಮುಂದುವರಿದಿದೆ.

ಹಿಂದೂ ಗಣಪತಿ ವಿಸರ್ಜನೆ ವೇಳೆ ಪ್ರಚೋದನಕಾರಿ ಭಾಷಣ ಮಾಡಿದ ಶಾಸಕ ಬಸನಗೌಡ ಪಾಟೀಲ್ ಯತ್ನಾಳ್ ವಿರುದ್ಧ ತುಮಕೂರಿನಲ್ಲಿ ಎಫ್‌ಐಆರ್ ದಾಖಲಾಗಿದೆ. ಪ್ರಕರಣ ದಾಖಲಾದ ಬೆನ್ನಲ್ಲೇ ಯತ್ನಾಳ್ ಅವರನ್ನು ಬಂಧಿಸುವಂತೆ ವಿವಿಧ ಸಂಘಟನೆಗಳು ಒತ್ತಾಯಿಸಿವೆ.

ಸಮಾಜದಲ್ಲಿ ಶಾಂತಿ ಕದಡುವ ರೀತಿಯಲ್ಲಿ ಮಾತನಾಡಿರುವುದು ಖಂಡನೀಯ. ಪೊಲೀಸರು ಕೂಡಲೇ ಕ್ರಮ ಕೈಗೊಳ್ಳಬೇಕು ಎಂದು ಮುಖಂಡರು ಆಗ್ರಹಿಸಿದರು. ಈ ಸಂಬಂಧ ನಗರ ಠಾಣೆಯಲ್ಲಿ ಪ್ರಕರಣ ದಾಖಲಿಸಿಕೊಳ್ಳಲಾಗಿದ್ದು, ತನಿಖೆ ಮುಂದುವರಿದಿದೆ.

ಹಿಂದೂ ಗಣಪತಿ ವಿಸರ್ಜನೆ ವೇಳೆ ಪ್ರಚೋದನಕಾರಿ ಭಾಷಣ ಮಾಡಿದ ಶಾಸಕ ಬಸನಗೌಡ ಪಾಟೀಲ್ ಯತ್ನಾಳ್ ವಿರುದ್ಧ ತುಮಕೂರಿನಲ್ಲಿ ಎಫ್‌ಐಆರ್ ದಾಖಲಾಗಿದೆ. ಪ್ರಕರಣ ದಾಖಲಾದ ಬೆನ್ನಲ್ಲೇ ಯತ್ನಾಳ್ ಅವರನ್ನು ಬಂಧಿಸುವಂತೆ ವಿವಿಧ ಸಂಘಟನೆಗಳು ಒತ್ತಾಯಿಸಿವೆ.

ತುಂಬಾ ಯೋಚಿಸಿ ಯೋಗ್ಯರಿಗೆ
ಮತ ಚಲಾಯಿಸಿ : ಶುಭಕಲ್ಯಾಣ್
● ಸುದ್ದಿಮೂಲ ವಾರ್ತೆ, ತುಮಕೂರು, ಸೆ. 15:

ಭಾರತ ದೇಶದ ಪ್ರಜಾಪ್ರಭುತ್ವ ವ್ಯವಸ್ಥೆಯಲ್ಲಿ ಪ್ರತಿಯೊಬ್ಬ ಮತದಾರನ ಮತಕ್ಕೆ ಅಪಾರ ಮೌಲ್ಯವಿದೆ. ಮತದಾರರು ತುಂಬಾ ಯೋಚಿಸಿ ಯೋಗ್ಯರಿಗೆ ಮತ ಚಲಾಯಿಸಬೇಕು ಎಂದು ಜಿಲ್ಲಾಧಿಕಾರಿ ಶುಭಕಲ್ಯಾಣ್ ಹೇಳಿದರು. ನಗರದ ಟೌನ್‌ಹಾಲ್ ವೃತ್ತದಲ್ಲಿ ಅಂತಾರಾಷ್ಟ್ರೀಯ ಪ್ರಜಾಪ್ರಭುತ್ವ ದಿನಾಚರಣೆ ಅಂಗವಾಗಿ ಆಯೋಜಿಸಿದ್ದ ಕಾರ್ಯಕ್ರಮದಲ್ಲಿ ಮಾತನಾಡಿದರು.

ಬಳಿಕ ಜಿಲ್ಲಾ ಪಂಚಾಯತ್ ಸಿಇಒ ಮಾತನಾಡಿ, ಯುವ ಮತದಾರರು ಚುನಾವಣೆಯಲ್ಲಿ ಸಕ್ರಿಯವಾಗಿ ಭಾಗವಹಿಸಬೇಕು. ಪ್ರಜಾಪ್ರಭುತ್ವದ ಮೌಲ್ಯಗಳನ್ನು ಎತ್ತಿಹಿಡಿಯುವ ಕೆಲಸ ಎಲ್ಲರಿಂದ ಆಗಬೇಕು ಎಂದರು. ಈ ಸಂದರ್ಭದಲ್ಲಿ ಸೈಕಲ್ ಜಾಥಾ ಹಾಗೂ ಮಾನವ ಸರಪಳಿ ನಿರ್ಮಿಸಲಾಯಿತು. ವಿವಿಧ ಇಲಾಖೆಗಳ ಅಧಿಕಾರಿಗಳು, ವಿದ್ಯಾರ್ಥಿಗಳು ಭಾಗವಹಿಸಿದ್ದರು.

ಭಾರತ ದೇಶದ ಪ್ರಜಾಪ್ರಭುತ್ವ ವ್ಯವಸ್ಥೆಯಲ್ಲಿ ಪ್ರತಿಯೊಬ್ಬ ಮತದಾರನ ಮತಕ್ಕೆ ಅಪಾರ ಮೌಲ್ಯವಿದೆ. ಮತದಾರರು ತುಂಬಾ ಯೋಚಿಸಿ ಯೋಗ್ಯರಿಗೆ ಮತ ಚಲಾಯಿಸಬೇಕು ಎಂದು ಜಿಲ್ಲಾಧಿಕಾರಿ ಶುಭಕಲ್ಯಾಣ್ ಹೇಳಿದರು. ನಗರದ ಟೌನ್‌ಹಾಲ್ ವೃತ್ತದಲ್ಲಿ ಅಂತಾರಾಷ್ಟ್ರೀಯ ಪ್ರಜಾಪ್ರಭುತ್ವ ದಿನಾಚರಣೆ ಅಂಗವಾಗಿ ಆಯೋಜಿಸಿದ್ದ ಕಾರ್ಯಕ್ರಮದಲ್ಲಿ ಮಾತನಾಡಿದರು.

ಬಳಿಕ ಜಿಲ್ಲಾ ಪಂಚಾಯತ್ ಸಿಇಒ ಮಾತನಾಡಿ, ಯುವ ಮತದಾರರು ಚುನಾವಣೆಯಲ್ಲಿ ಸಕ್ರಿಯವಾಗಿ ಭಾಗವಹಿಸಬೇಕು. ಪ್ರಜಾಪ್ರಭುತ್ವದ ಮೌಲ್ಯಗಳನ್ನು ಎತ್ತಿಹಿಡಿಯುವ ಕೆಲಸ ಎಲ್ಲರಿಂದ ಆಗಬೇಕು ಎಂದರು. ಈ ಸಂದರ್ಭದಲ್ಲಿ ಸೈಕಲ್ ಜಾಥಾ ಹಾಗೂ ಮಾನವ ಸರಪಳಿ ನಿರ್ಮಿಸಲಾಯಿತು. ವಿವಿಧ ಇಲಾಖೆಗಳ ಅಧಿಕಾರಿಗಳು, ವಿದ್ಯಾರ್ಥಿಗಳು ಭಾಗವಹಿಸಿದ್ದರು.

ಭಾರತ ದೇಶದ ಪ್ರಜಾಪ್ರಭುತ್ವ ವ್ಯವಸ್ಥೆಯಲ್ಲಿ ಪ್ರತಿಯೊಬ್ಬ ಮತದಾರನ ಮತಕ್ಕೆ ಅಪಾರ ಮೌಲ್ಯವಿದೆ. ಮತದಾರರು ತುಂಬಾ ಯೋಚಿಸಿ ಯೋಗ್ಯರಿಗೆ ಮತ ಚಲಾಯಿಸಬೇಕು ಎಂದು ಜಿಲ್ಲಾಧಿಕಾರಿ ಶುಭಕಲ್ಯಾಣ್ ಹೇಳಿದರು. ನಗರದ ಟೌನ್‌ಹಾಲ್ ವೃತ್ತದಲ್ಲಿ ಅಂತಾರಾಷ್ಟ್ರೀಯ ಪ್ರಜಾಪ್ರಭುತ್ವ ದಿನಾಚರಣೆ ಅಂಗವಾಗಿ ಆಯೋಜಿಸಿದ್ದ ಕಾರ್ಯಕ್ರಮದಲ್ಲಿ ಮಾತನಾಡಿದರು.
